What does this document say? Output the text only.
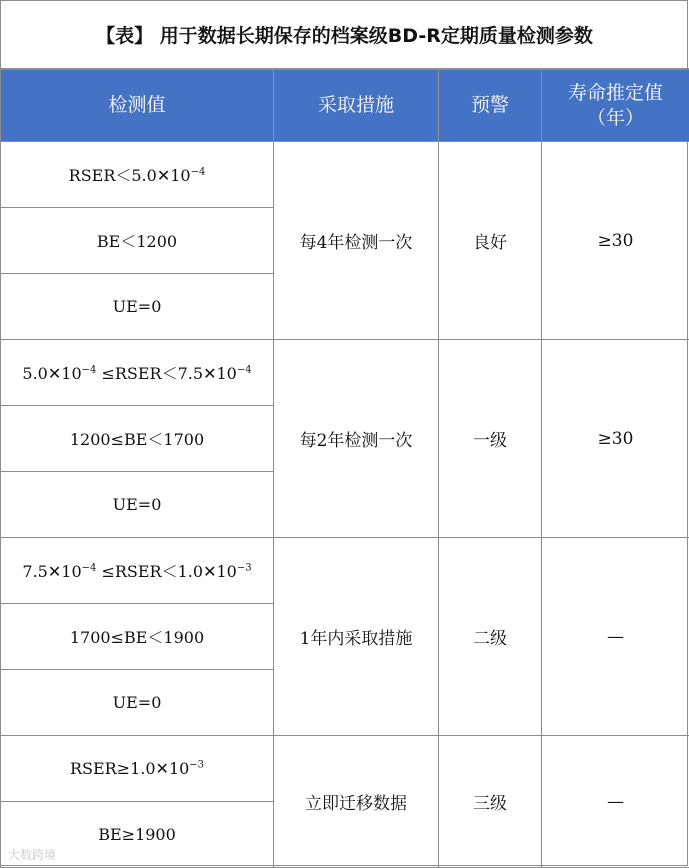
【表】 用于数据长期保存的档案级BD-R定期质量检测参数
检测值	采取措施	预警	寿命推定值
（年）
$RSER<5.0✕10^{-4}$	每4年检测一次	良好	≥30
BE＜1200			
UE=0			
$5.0✕10^{-4}$ $\le RSER<7.5✕10^{-4}$	每2年检测一次	一级	≥30
1200≤BE＜1700			
UE=0			
$7.5✕10^{-4}$ $\le RSER<1.0✕10^{-3}$	1年内采取措施	二级	—
1700≤BE＜1900			
UE=0			
$RSER\ge 1.0✕10^{-3}$	立即迁移数据	三级	—
BE≥1900			
大数跨境
